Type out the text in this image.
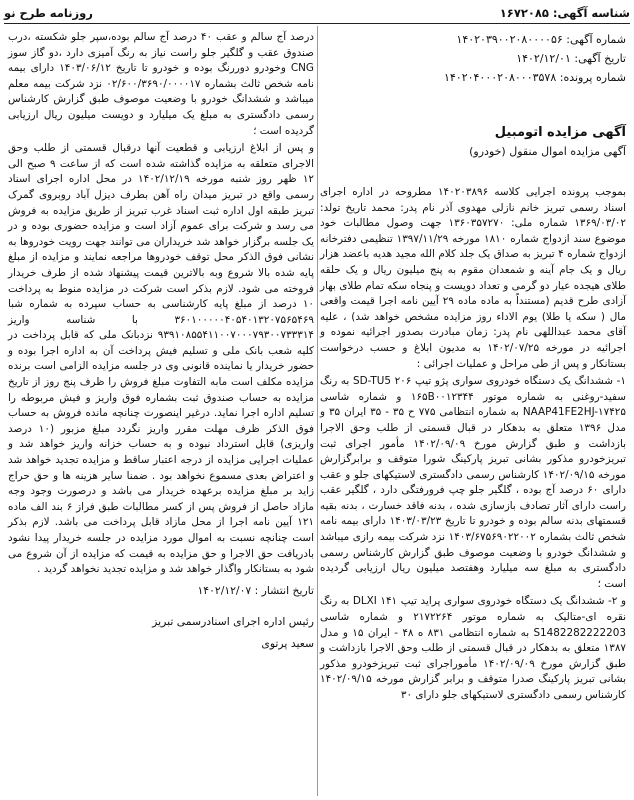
روزنامه طرح نو	شناسه آگهی: ۱۶۷۲۰۸۵
شماره آگهی: ۱۴۰۲۰۳۹۰۰۲۰۸۰۰۰۰۵۶
تاریخ آگهی: ۱۴۰۲/۱۲/۰۱
شماره پرونده: ۱۴۰۲۰۴۰۰۰۲۰۸۰۰۰۳۵۷۸
آگهی مزایده اتومبیل
آگهی مزایده اموال منقول (خودرو)

بموجب پرونده اجرایی کلاسه ۱۴۰۲۰۳۸۹۶ مطروحه در اداره اجرای اسناد رسمی تبریز خانم نازلی مهدوی آذر نام پدر: محمد تاریخ تولد: ۱۳۶۹/۰۳/۰۲ شماره ملی: ۱۳۶۰۳۵۷۲۷۰ جهت وصول مطالبات خود موضوع سند ازدواج شماره ۱۸۱۰ مورخه ۱۳۹۷/۱۱/۲۹ تنظیمی دفترخانه ازدواج شماره ۴ تبریز به صداق یک جلد کلام الله مجید هدیه باعضد هزار ریال و یک جام آینه و شمعدان مقوم به پنج میلیون ریال و یک حلقه طلای هیجده عیار دو گرمی و تعداد دویست و پنجاه سکه تمام طلای بهار آزادی طرح قدیم (مستنداً به ماده ماده ۲۹ آیین نامه اجرا قیمت واقعی مال ( سکه یا طلا) یوم الاداء روز مزایده مشخص خواهد شد) ، علیه آقای محمد عبداللهی نام پدر: زمان مبادرت بصدور اجرائیه نموده و اجرائیه در مورخه ۱۴۰۲/۰۷/۲۵ به مدیون ابلاغ و حسب درخواست بستانکار و پس از طی مراحل و عملیات اجرائی :

۱- ششدانگ یک دستگاه خودروی سواری پژو تیپ SD-TU5 ۲۰۶ به رنگ سفید-روغنی به شماره موتور ۱۶۵B۰۰۱۲۳۴۴ و شماره شاسی NAAP41FE2HJ-۱۷۴۲۵ به شماره انتظامی ۷۷۵ ح ۳۵ - ۳۵ ایران ۳۵ و مدل ۱۳۹۶ متعلق به بدهکار در قبال قسمتی از طلب وحق الاجرا بازداشت و طبق گزارش مورخ ۱۴۰۲/۰۹/۰۹ مأمور اجرای ثبت تبریزخودرو مذکور بشانی تبریز پارکینگ شورا متوقف و برابرگزارش مورخه ۱۴۰۲/۰۹/۱۵ کارشناس رسمی دادگستری لاستیکهای جلو و عقب دارای ۶۰ درصد آج بوده ، گلگیر جلو چپ فرورفتگی دارد ، گلگیر عقب راست دارای آثار تصادف بازسازی شده ، بدنه فاقد خسارت ، بدنه بقیه قسمتهای بدنه سالم بوده و خودرو تا تاریخ ۱۴۰۳/۰۳/۲۳ دارای بیمه نامه شخص ثالث بشماره ۱۴۰۳/۶۷۵۶۹۰۲۲۰۰۲ نزد شرکت بیمه رازی میباشد و ششدانگ خودرو با وضعیت موصوف طبق گزارش کارشناس رسمی دادگستری به مبلغ سه میلیارد وهفتصد میلیون ریال ارزیابی گردیده است ؛

و ۲- ششدانگ یک دستگاه خودروی سواری پراید تیپ DLXI ۱۴۱ به رنگ نقره ای-متالیک به شماره موتور ۲۱۷۲۲۶۴ و شماره شاسی S1482282222203 به شماره انتظامی ۸۳۱ ه ۴۸ - ایران ۱۵ و مدل ۱۳۸۷ متعلق به بدهکار در قبال قسمتی از طلب وحق الاجرا بازداشت و طبق گزارش مورخ ۱۴۰۲/۰۹/۰۹ مأموراجرای ثبت تبریزخودرو مذکور بشانی تبریز پارکینگ صدرا متوقف و برابر گزارش مورخه ۱۴۰۲/۰۹/۱۵ کارشناس رسمی دادگستری لاستیکهای جلو دارای ۳۰

درصد آج سالم و عقب ۴۰ درصد آج سالم بوده،سپر جلو شکسته ،درب صندوق عقب و گلگیر جلو راست نیاز به رنگ آمیزی دارد ،دو گاز سوز CNG وخودرو دوررنگ بوده و خودرو تا تاریخ ۱۴۰۳/۰۶/۱۲ دارای بیمه نامه شخص ثالث بشماره ۰۲/۶۰۰/۳۶۹۰/۰۰۰۰۱۷ نزد شرکت بیمه معلم میباشد و ششدانگ خودرو با وضعیت موصوف طبق گزارش کارشناس رسمی دادگستری به مبلغ یک میلیارد و دویست میلیون ریال ارزیابی گردیده است ؛

و پس از ابلاغ ارزیابی و قطعیت آنها درقبال قسمتی از طلب وحق الاجرای متعلقه به مزایده گذاشته شده است که از ساعت ۹ صبح الی ۱۲ ظهر روز شنبه مورخه ۱۴۰۲/۱۲/۱۹ در محل اداره اجرای اسناد رسمی واقع در تبریز میدان راه آهن بطرف دیزل آباد روبروی گمرک تبریز طبقه اول اداره ثبت اسناد غرب تبریز از طریق مزایده به فروش می رسد و شرکت برای عموم آزاد است و مزایده حضوری بوده و در یک جلسه برگزار خواهد شد خریداران می توانند جهت رویت خودروها به نشانی فوق الذکر محل توقف خودروها مراجعه نمایند و مزایده از مبلغ پایه شده بالا شروع وبه بالاترین قیمت پیشنهاد شده از طرف خریدار فروخته می شود. لازم بذکر است شرکت در مزایده منوط به پرداخت ۱۰ درصد از مبلغ پایه کارشناسی به حساب سپرده به شماره شبا ۳۶۰۱۰۰۰۰۰۴۰۵۴۰۱۳۲۰۷۵۶۵۴۶۹ با شناسه واریز ۹۳۹۱۰۸۵۵۴۱۱۰۰۷۰۰۰۷۹۳۰۰۷۳۳۳۱۴ نزدبانک ملی که قابل پرداخت در کلیه شعب بانک ملی و تسلیم فیش پرداخت آن به اداره اجرا بوده و حضور خریدار یا نماینده قانونی وی در جلسه مزایده الزامی است برنده مزایده مکلف است مابه التفاوت مبلغ فروش را ظرف پنج روز از تاریخ مزایده به حساب صندوق ثبت بشماره فوق واریز و فیش مربوطه را تسلیم اداره اجرا نماید. درغیر اینصورت چنانچه مانده فروش به حساب فوق الذکر ظرف مهلت مقرر واریز نگردد مبلغ مزبور (۱۰ درصد واریزی) قابل استرداد نبوده و به حساب خزانه واریز خواهد شد و عملیات اجرایی مزایده از درجه اعتبار ساقط و مزایده تجدید خواهد شد و اعتراض بعدی مسموع نخواهد بود . ضمنا سایر هزینه ها و حق حراج زاید بر مبلغ مزایده برعهده خریدار می باشد و درصورت وجود وجه مازاد حاصل از فروش پس از کسر مطالبات طبق فراز ۶ بند الف ماده ۱۲۱ آیین نامه اجرا از محل مازاد قابل پرداخت می باشد. لازم بذکر است چنانچه نسبت به اموال مورد مزایده در جلسه خریدار پیدا نشود بادریافت حق الاجرا و حق مزایده به قیمت که مزایده از آن شروع می شود به بستانکار واگذار خواهد شد و مزایده تجدید نخواهد گردید .

تاریخ انتشار : ۱۴۰۲/۱۲/۰۷
رئیس اداره اجرای اسنادرسمی تبریز
سعید پرتوی
